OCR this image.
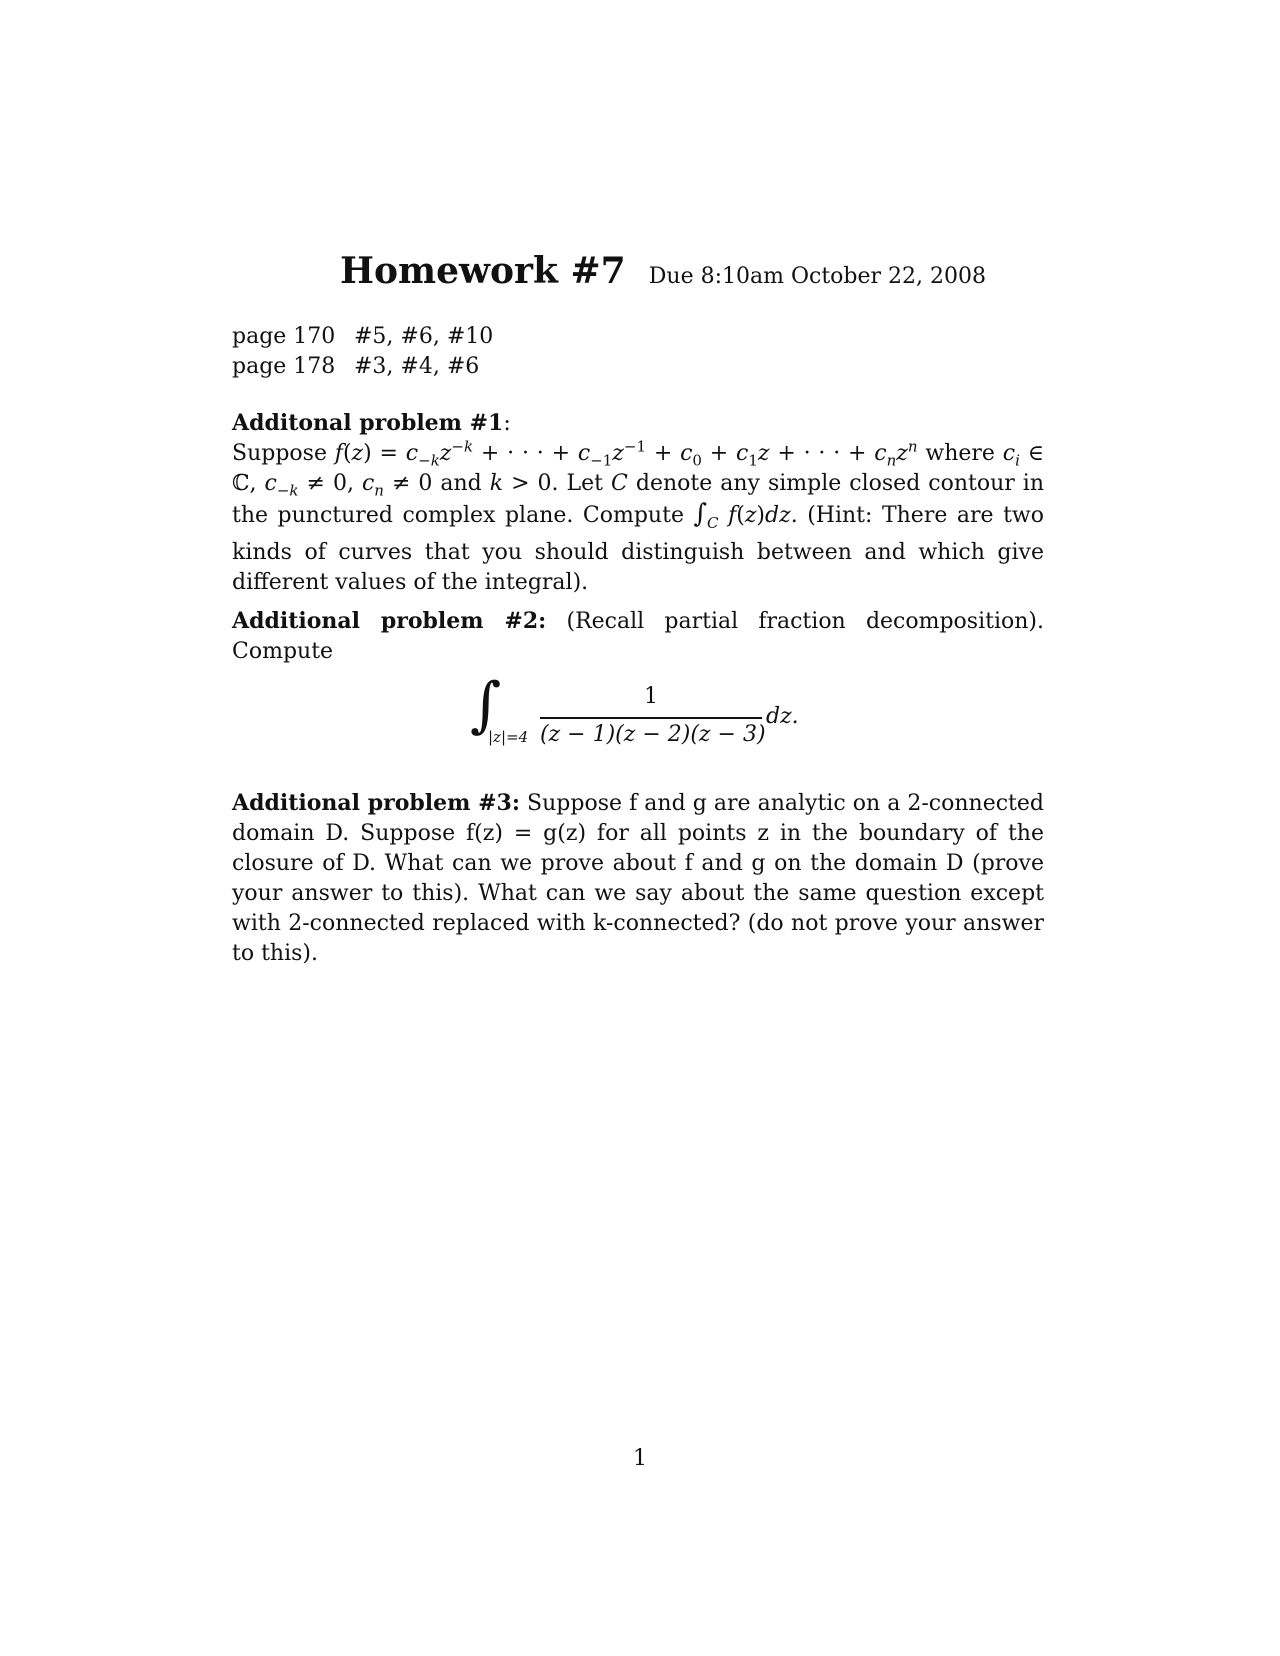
Homework #7 Due 8:10am October 22, 2008
page 170 #5, #6, #10
page 178 #3, #4, #6
Additonal problem #1:
Suppose $f(z) = c_{-k}z^{-k}$ + · · · + $c_{-1}z^{-1} + c_0 + c_1z$ + · · · + $c_nz^n$ where $c_i$ ∈ ℂ, $c_{-k} \ne 0$, $c_n \ne 0$ and k > 0. Let C denote any simple closed contour in the punctured complex plane. Compute $\int_C$ f(z)dz. (Hint: There are two kinds of curves that you should distinguish between and which give different values of the integral).
Additional problem #2: (Recall partial fraction decomposition). Compute
∫
|z|=4
1
(z − 1)(z − 2)(z − 3)
dz.
Additional problem #3: Suppose f and g are analytic on a 2-connected domain D. Suppose f(z) = g(z) for all points z in the boundary of the closure of D. What can we prove about f and g on the domain D (prove your answer to this). What can we say about the same question except with 2-connected replaced with k-connected? (do not prove your answer to this).
1
